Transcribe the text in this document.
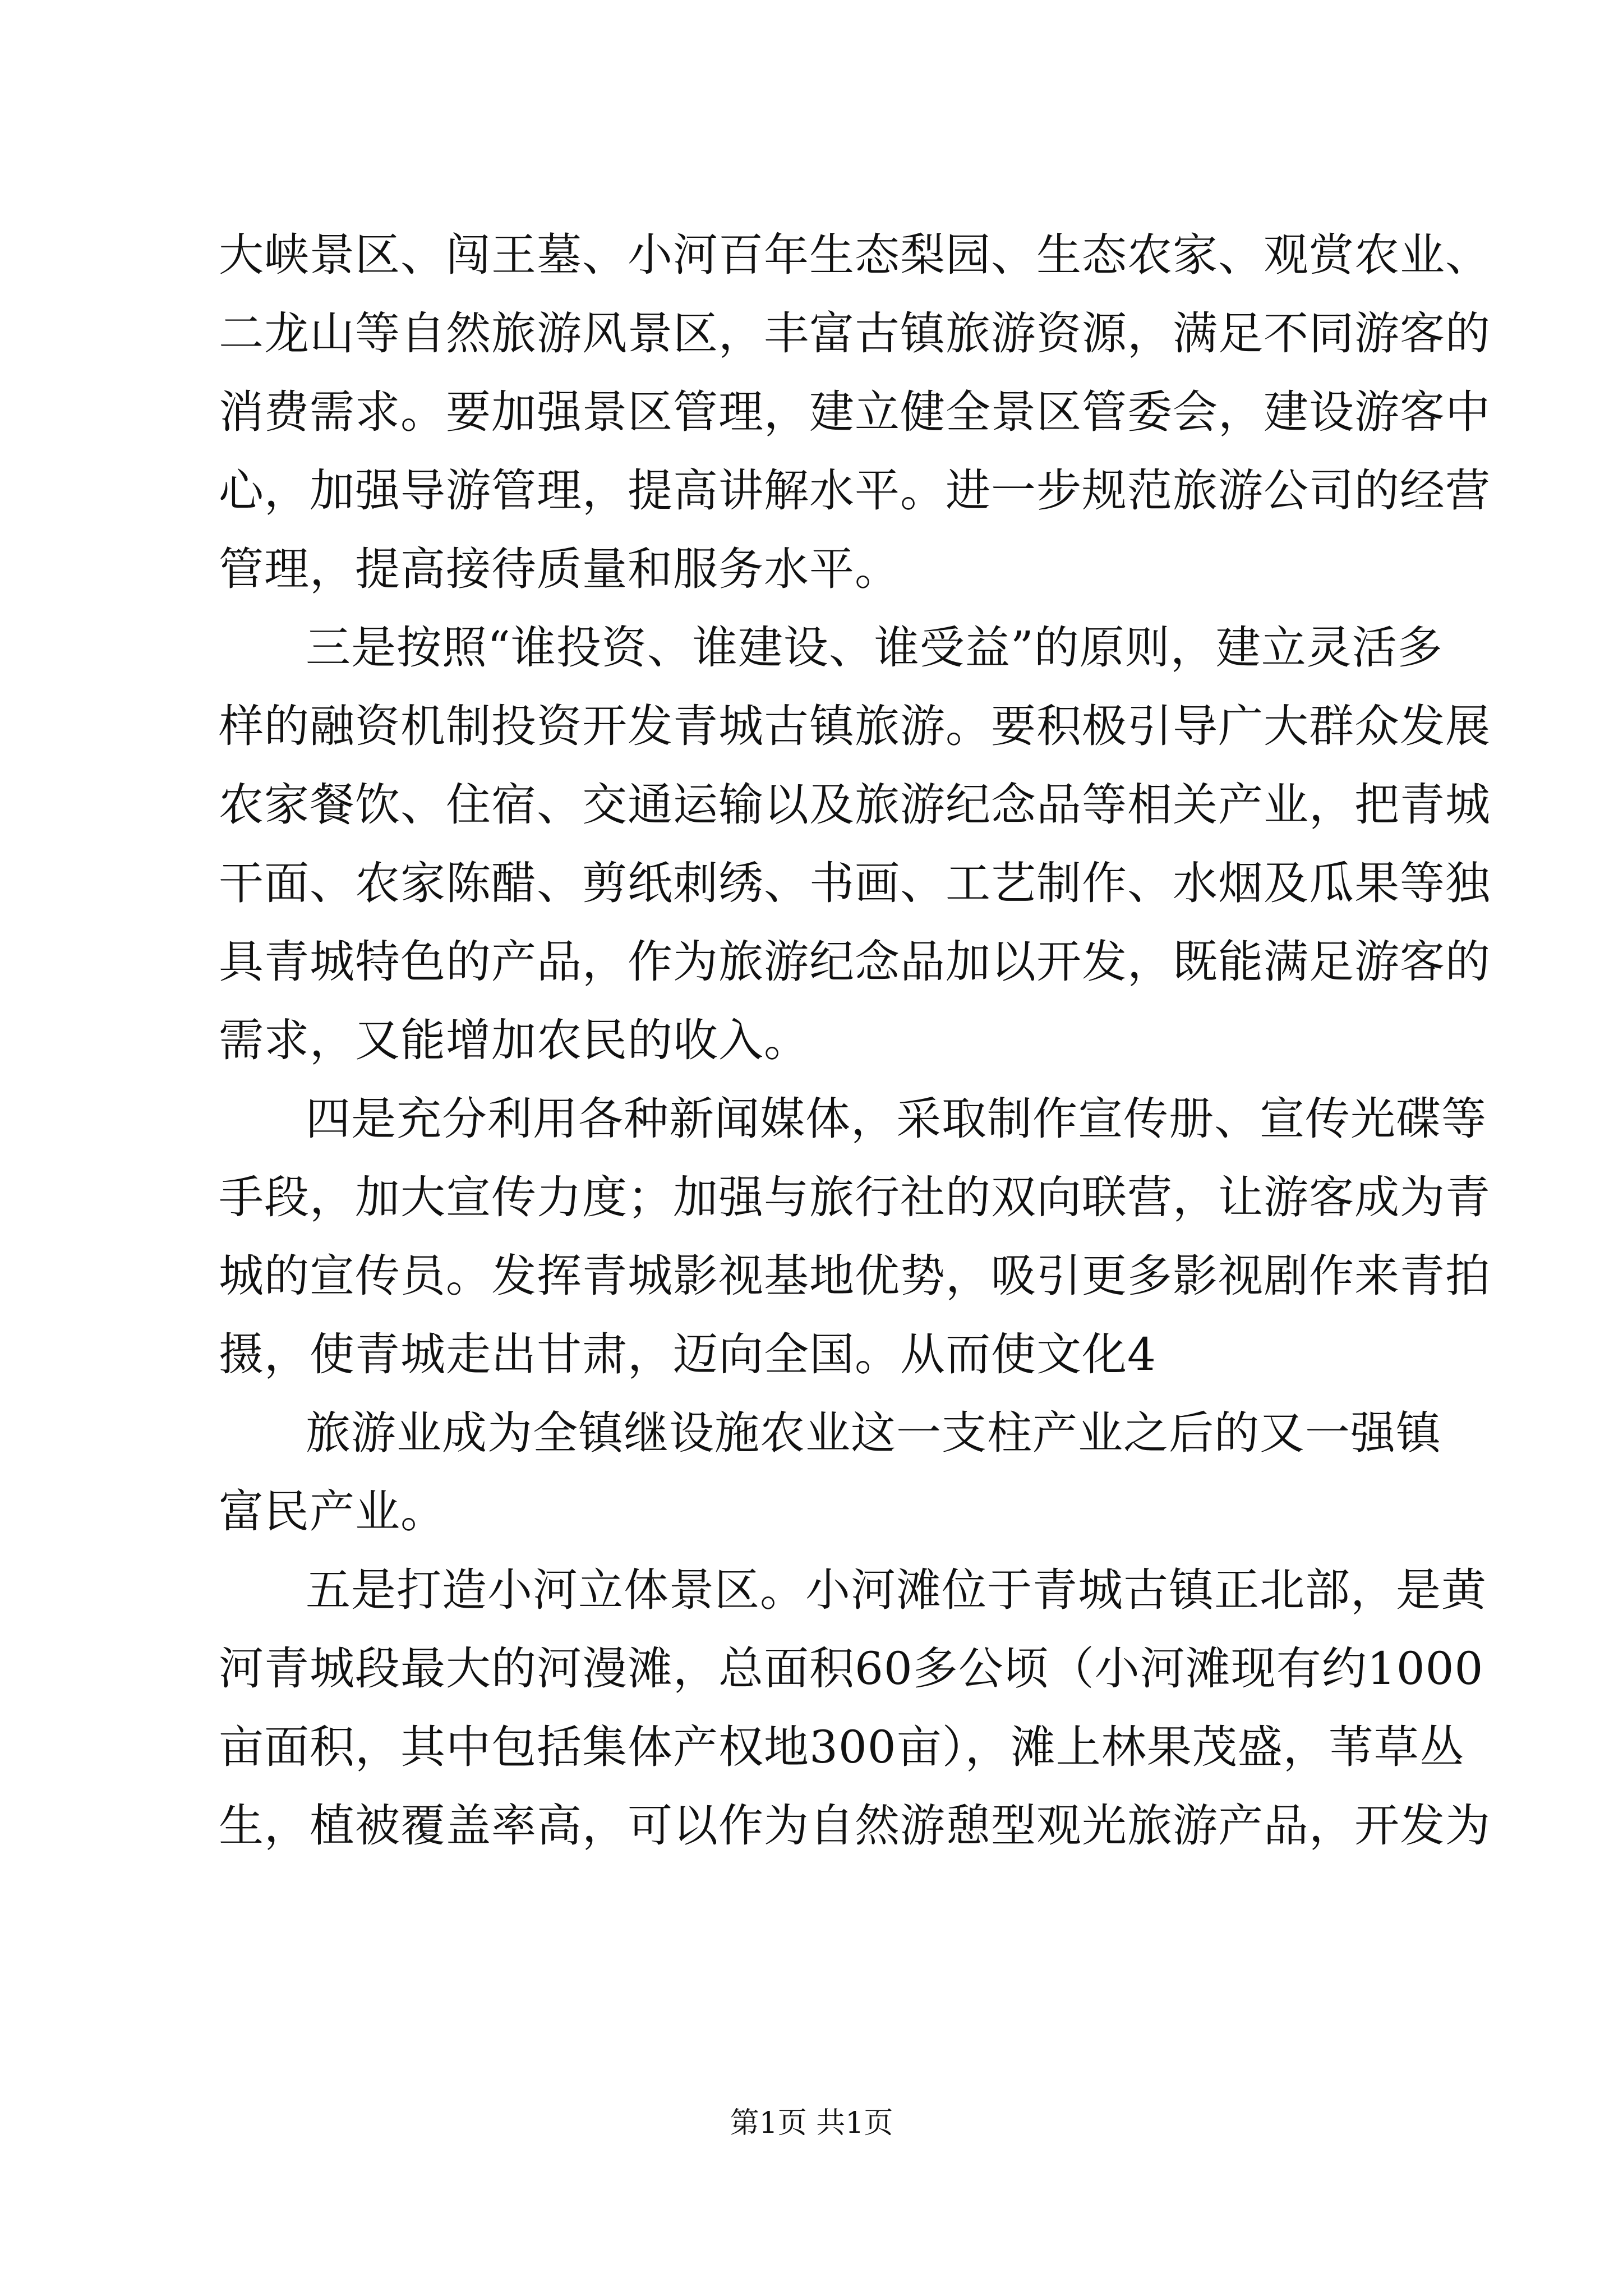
大峡景区、闯王墓、小河百年生态梨园、生态农家、观赏农业、
二龙山等自然旅游风景区，丰富古镇旅游资源，满足不同游客的
消费需求。要加强景区管理，建立健全景区管委会，建设游客中
心，加强导游管理，提高讲解水平。进一步规范旅游公司的经营
管理，提高接待质量和服务水平。
三是按照“谁投资、谁建设、谁受益”的原则，建立灵活多
样的融资机制投资开发青城古镇旅游。要积极引导广大群众发展
农家餐饮、住宿、交通运输以及旅游纪念品等相关产业，把青城
干面、农家陈醋、剪纸刺绣、书画、工艺制作、水烟及瓜果等独
具青城特色的产品，作为旅游纪念品加以开发，既能满足游客的
需求，又能增加农民的收入。
四是充分利用各种新闻媒体，采取制作宣传册、宣传光碟等
手段，加大宣传力度；加强与旅行社的双向联营，让游客成为青
城的宣传员。发挥青城影视基地优势，吸引更多影视剧作来青拍
摄，使青城走出甘肃，迈向全国。从而使文化4
旅游业成为全镇继设施农业这一支柱产业之后的又一强镇
富民产业。
五是打造小河立体景区。小河滩位于青城古镇正北部，是黄
河青城段最大的河漫滩，总面积60多公顷（小河滩现有约1000
亩面积，其中包括集体产权地300亩），滩上林果茂盛，苇草丛
生，植被覆盖率高，可以作为自然游憩型观光旅游产品，开发为
第1页 共1页
